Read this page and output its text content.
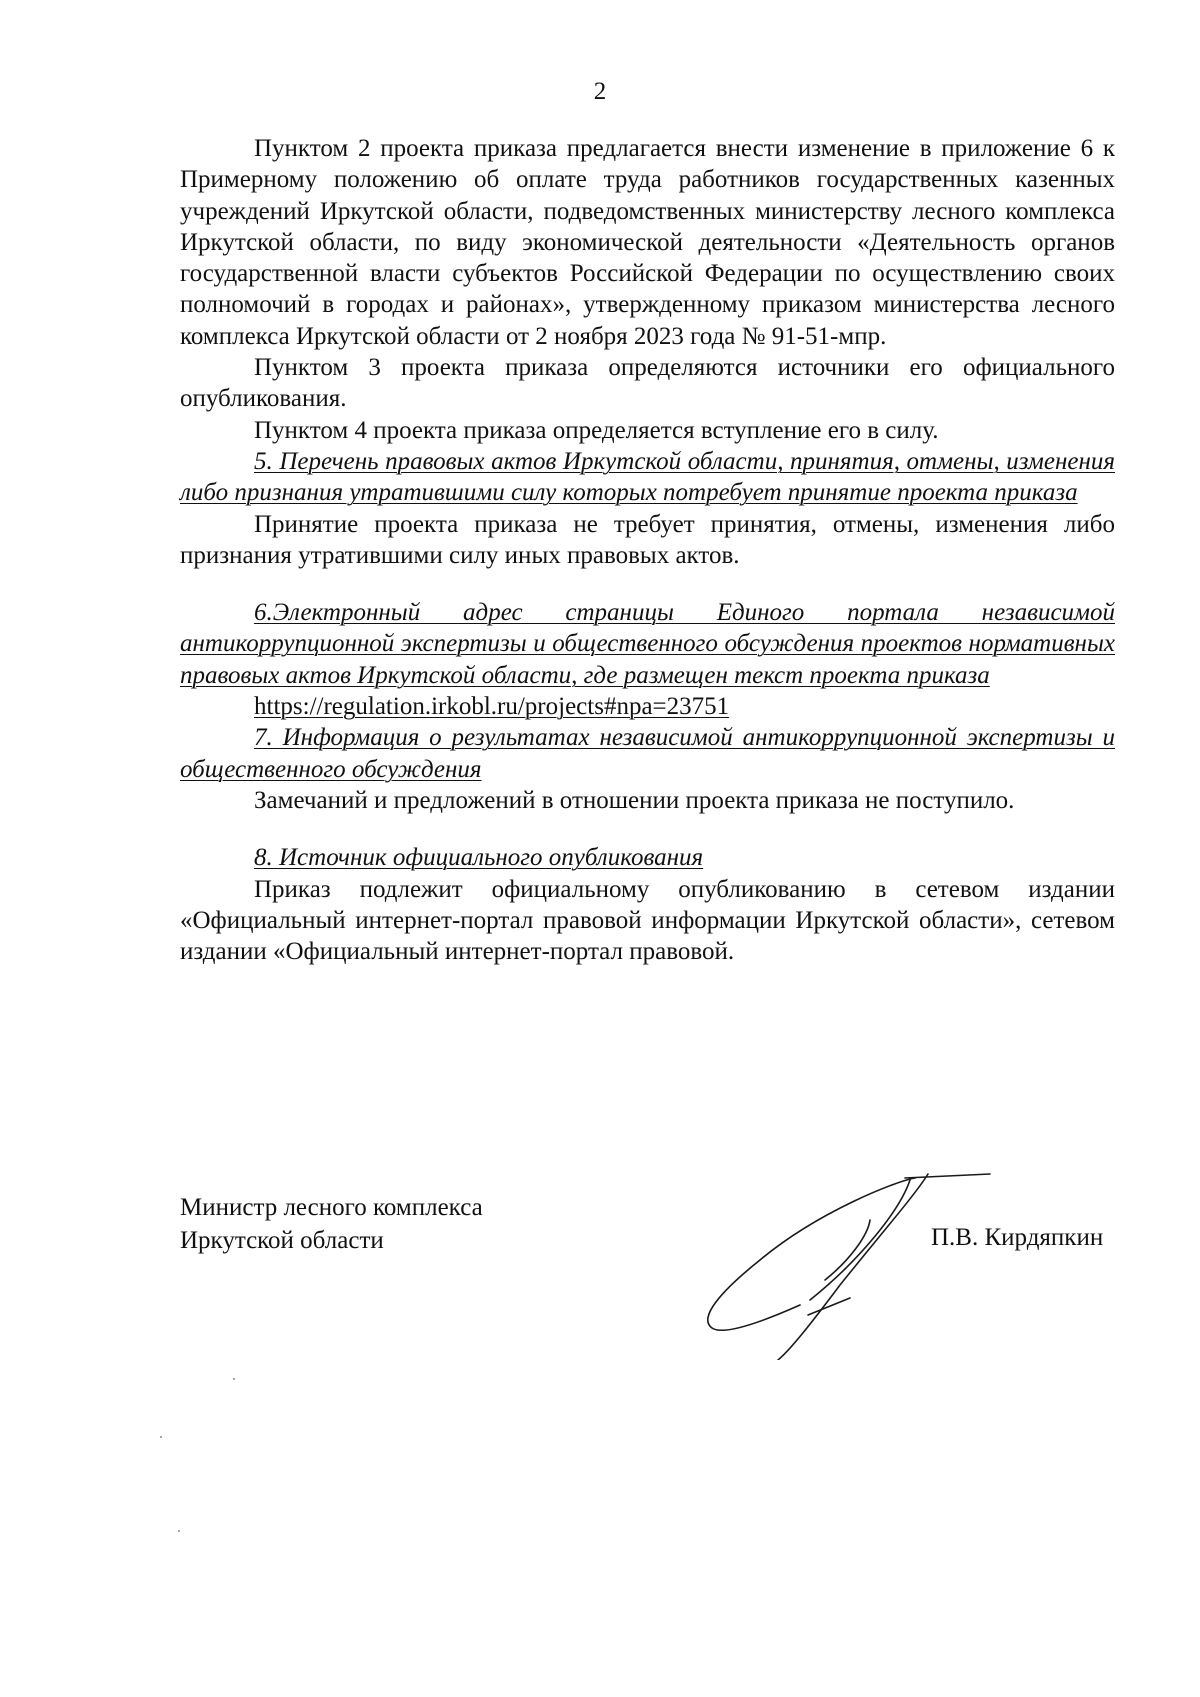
2

Пунктом 2 проекта приказа предлагается внести изменение в приложение 6 к Примерному положению об оплате труда работников государственных казенных учреждений Иркутской области, подведомственных министерству лесного комплекса Иркутской области, по виду экономической деятельности «Деятельность органов государственной власти субъектов Российской Федерации по осуществлению своих полномочий в городах и районах», утвержденному приказом министерства лесного комплекса Иркутской области от 2 ноября 2023 года № 91-51-мпр.

Пунктом 3 проекта приказа определяются источники его официального опубликования.

Пунктом 4 проекта приказа определяется вступление его в силу.

5. Перечень правовых актов Иркутской области, принятия, отмены, изменения либо признания утратившими силу которых потребует принятие проекта приказа

Принятие проекта приказа не требует принятия, отмены, изменения либо признания утратившими силу иных правовых актов.

6.Электронный адрес страницы Единого портала независимой антикоррупционной экспертизы и общественного обсуждения проектов нормативных правовых актов Иркутской области, где размещен текст проекта приказа

https://regulation.irkobl.ru/projects#npa=23751

7. Информация о результатах независимой антикоррупционной экспертизы и общественного обсуждения

Замечаний и предложений в отношении проекта приказа не поступило.

8. Источник официального опубликования

Приказ подлежит официальному опубликованию в сетевом издании «Официальный интернет-портал правовой информации Иркутской области», сетевом издании «Официальный интернет-портал правовой.

Министр лесного комплекса
Иркутской области	П.В. Кирдяпкин
